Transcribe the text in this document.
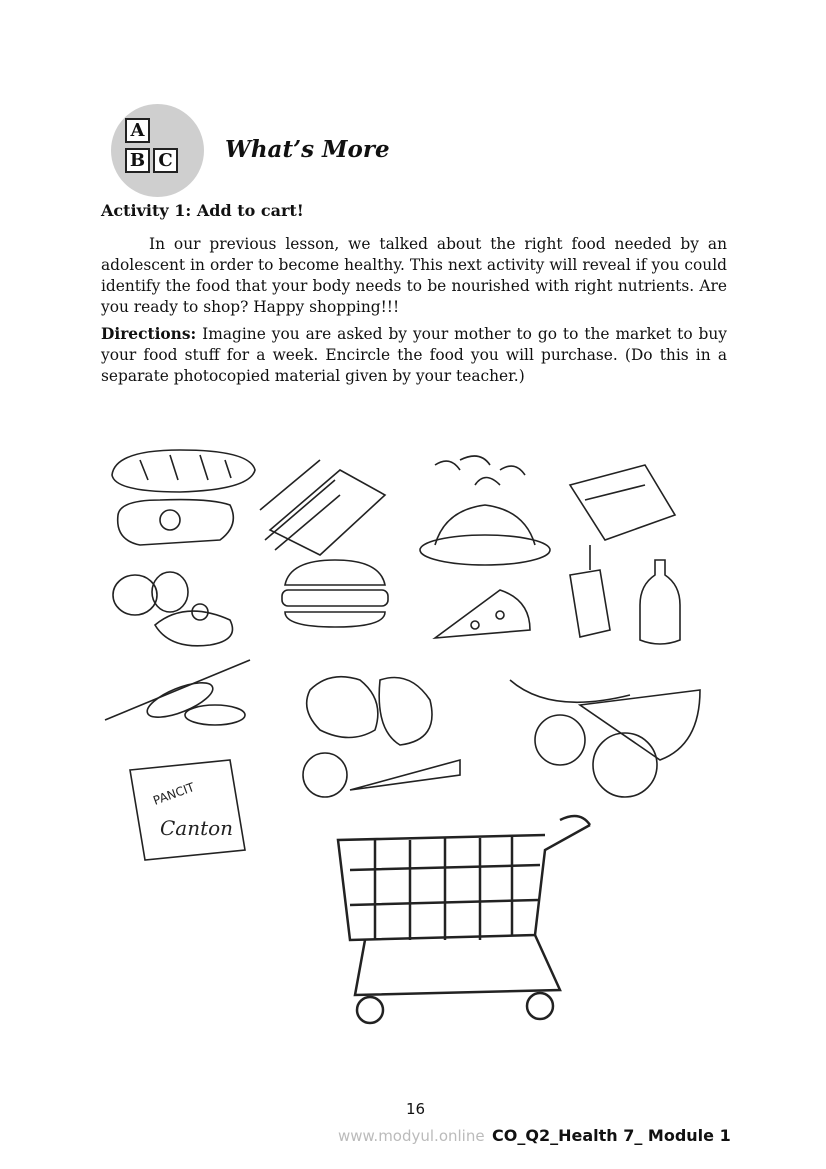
A
B C What’s More
Activity 1: Add to cart!
In our previous lesson, we talked about the right food needed by an adolescent in order to become healthy. This next activity will reveal if you could identify the food that your body needs to be nourished with right nutrients. Are you ready to shop? Happy shopping!!!
Directions: Imagine you are asked by your mother to go to the market to buy your food stuff for a week. Encircle the food you will purchase. (Do this in a separate photocopied material given by your teacher.)
PANCIT
Canton
16
www.modyul.online CO_Q2_Health 7_ Module 1
